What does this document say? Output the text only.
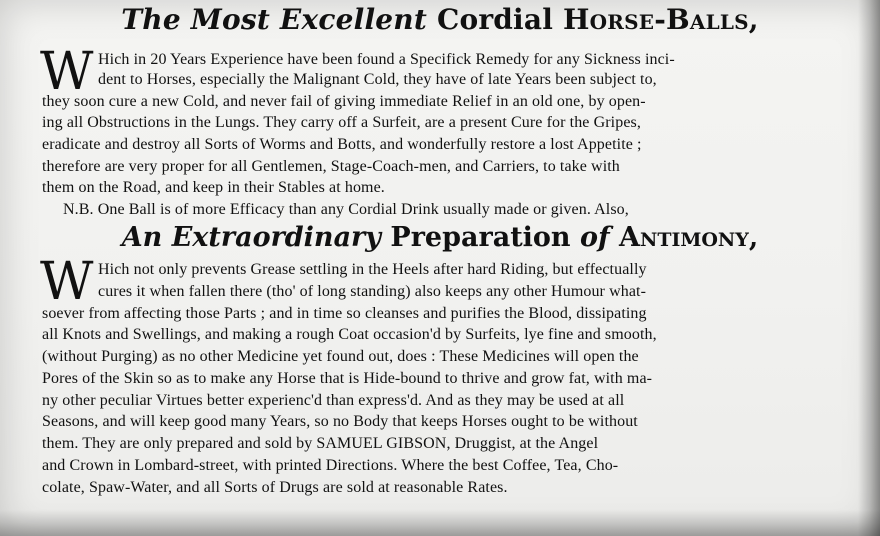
The Most Excellent Cordial Horse-Balls,
W Hich in 20 Years Experience have been found a Specifick Remedy for any Sickness inci-
dent to Horses, especially the Malignant Cold, they have of late Years been subject to,
they soon cure a new Cold, and never fail of giving immediate Relief in an old one, by open-
ing all Obstructions in the Lungs. They carry off a Surfeit, are a present Cure for the Gripes,
eradicate and destroy all Sorts of Worms and Botts, and wonderfully restore a lost Appetite ;
therefore are very proper for all Gentlemen, Stage-Coach-men, and Carriers, to take with
them on the Road, and keep in their Stables at home.
N.B. One Ball is of more Efficacy than any Cordial Drink usually made or given. Also,
An Extraordinary Preparation of Antimony,
W Hich not only prevents Grease settling in the Heels after hard Riding, but effectually
cures it when fallen there (tho' of long standing) also keeps any other Humour what-
soever from affecting those Parts ; and in time so cleanses and purifies the Blood, dissipating
all Knots and Swellings, and making a rough Coat occasion'd by Surfeits, lye fine and smooth,
(without Purging) as no other Medicine yet found out, does : These Medicines will open the
Pores of the Skin so as to make any Horse that is Hide-bound to thrive and grow fat, with ma-
ny other peculiar Virtues better experienc'd than express'd. And as they may be used at all
Seasons, and will keep good many Years, so no Body that keeps Horses ought to be without
them. They are only prepared and sold by SAMUEL GIBSON, Druggist, at the Angel
and Crown in Lombard-street, with printed Directions. Where the best Coffee, Tea, Cho-
colate, Spaw-Water, and all Sorts of Drugs are sold at reasonable Rates.
